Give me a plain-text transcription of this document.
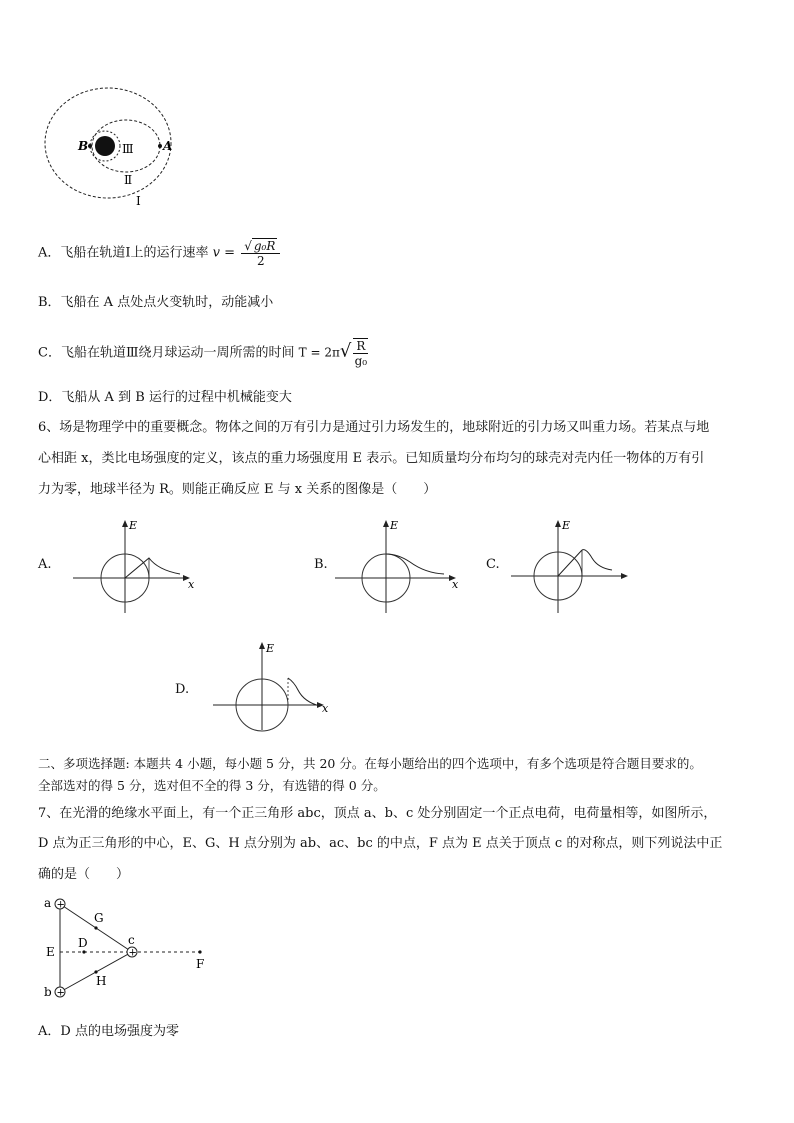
B	A
Ⅲ
Ⅱ
Ⅰ
A．飞船在轨道Ⅰ上的运行速率 $v = \frac{\text{√ g₀R}}{2}$
B．飞船在 A 点处点火变轨时，动能减小
C．飞船在轨道Ⅲ绕月球运动一周所需的时间 $T = 2\pi√ \frac{R}{\text{g₀}}$
D．飞船从 A 到 B 运行的过程中机械能变大
6、场是物理学中的重要概念。物体之间的万有引力是通过引力场发生的，地球附近的引力场又叫重力场。若某点与地
心相距 x，类比电场强度的定义，该点的重力场强度用 E 表示。已知质量均分布均匀的球壳对壳内任一物体的万有引
力为零，地球半径为 R。则能正确反应 E 与 x 关系的图像是（　　）
A.
E
x
B.
E
x
C.
E
D.
E
x
二、多项选择题: 本题共 4 小题，每小题 5 分，共 20 分。在每小题给出的四个选项中，有多个选项是符合题目要求的。
全部选对的得 5 分，选对但不全的得 3 分，有选错的得 0 分。
7、在光滑的绝缘水平面上，有一个正三角形 abc，顶点 a、b、c 处分别固定一个正点电荷，电荷量相等，如图所示，
D 点为正三角形的中心，E、G、H 点分别为 ab、ac、bc 的中点，F 点为 E 点关于顶点 c 的对称点，则下列说法中正
确的是（　　）
+
+
+
a
b
c
D
E
F
G
H
A．D 点的电场强度为零
